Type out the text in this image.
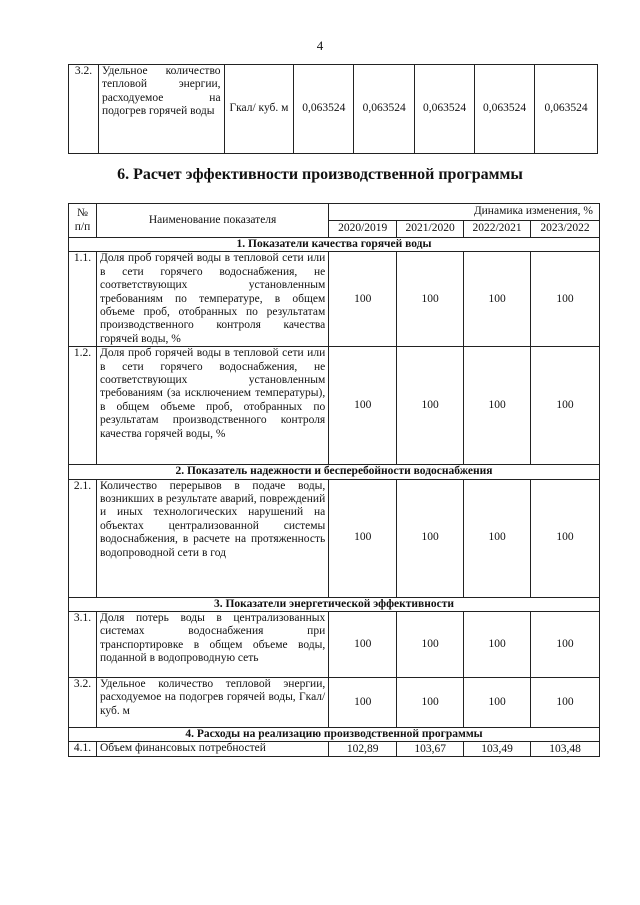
4
3.2.	Удельное количество тепловой энергии, расходуемое на подогрев горячей воды	Гкал/ куб. м	0,063524	0,063524	0,063524	0,063524	0,063524
6. Расчет эффективности производственной программы
№ п/п	Наименование показателя	Динамика изменения, %			
		2020/2019	2021/2020	2022/2021	2023/2022
1. Показатели качества горячей воды					
1.1.	Доля проб горячей воды в тепловой сети или в сети горячего водоснабжения, не соответствующих установленным требованиям по температуре, в общем объеме проб, отобранных по результатам производственного контроля качества горячей воды, %	100	100	100	100
1.2.	Доля проб горячей воды в тепловой сети или в сети горячего водоснабжения, не соответствующих установленным требованиям (за исключением температуры), в общем объеме проб, отобранных по результатам производственного контроля качества горячей воды, %	100	100	100	100
2. Показатель надежности и бесперебойности водоснабжения					
2.1.	Количество перерывов в подаче воды, возникших в результате аварий, повреждений и иных технологических нарушений на объектах централизованной системы водоснабжения, в расчете на протяженность водопроводной сети в год	100	100	100	100
3. Показатели энергетической эффективности					
3.1.	Доля потерь воды в централизованных системах водоснабжения при транспортировке в общем объеме воды, поданной в водопроводную сеть	100	100	100	100
3.2.	Удельное количество тепловой энергии, расходуемое на подогрев горячей воды, Гкал/куб. м	100	100	100	100
4. Расходы на реализацию производственной программы					
4.1.	Объем финансовых потребностей	102,89	103,67	103,49	103,48
